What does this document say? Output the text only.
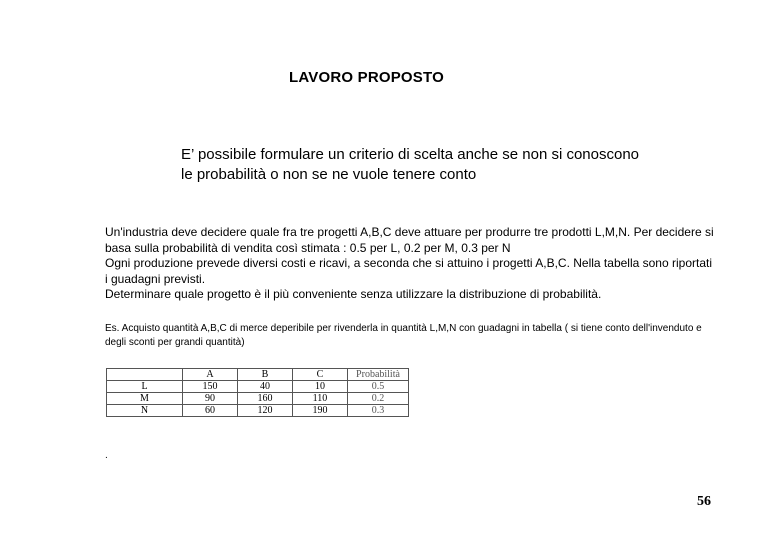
LAVORO PROPOSTO
E’ possibile formulare un criterio di scelta anche se non si conoscono le probabilità o non se ne vuole tenere conto

Un'industria deve decidere quale fra tre progetti A,B,C deve attuare per produrre tre prodotti L,M,N. Per decidere si basa sulla probabilità di vendita così stimata : 0.5 per L, 0.2 per M, 0.3 per N

Ogni produzione prevede diversi costi e ricavi, a seconda che si attuino i progetti A,B,C. Nella tabella sono riportati i guadagni previsti.

Determinare quale progetto è il più conveniente senza utilizzare la distribuzione di probabilità.

Es. Acquisto quantità A,B,C di merce deperibile per rivenderla in quantità L,M,N con guadagni in tabella ( si tiene conto dell'invenduto e degli sconti per grandi quantità)

	A	B	C	Probabilità
L	150	40	10	0.5
M	90	160	110	0.2
N	60	120	190	0.3
.
56
